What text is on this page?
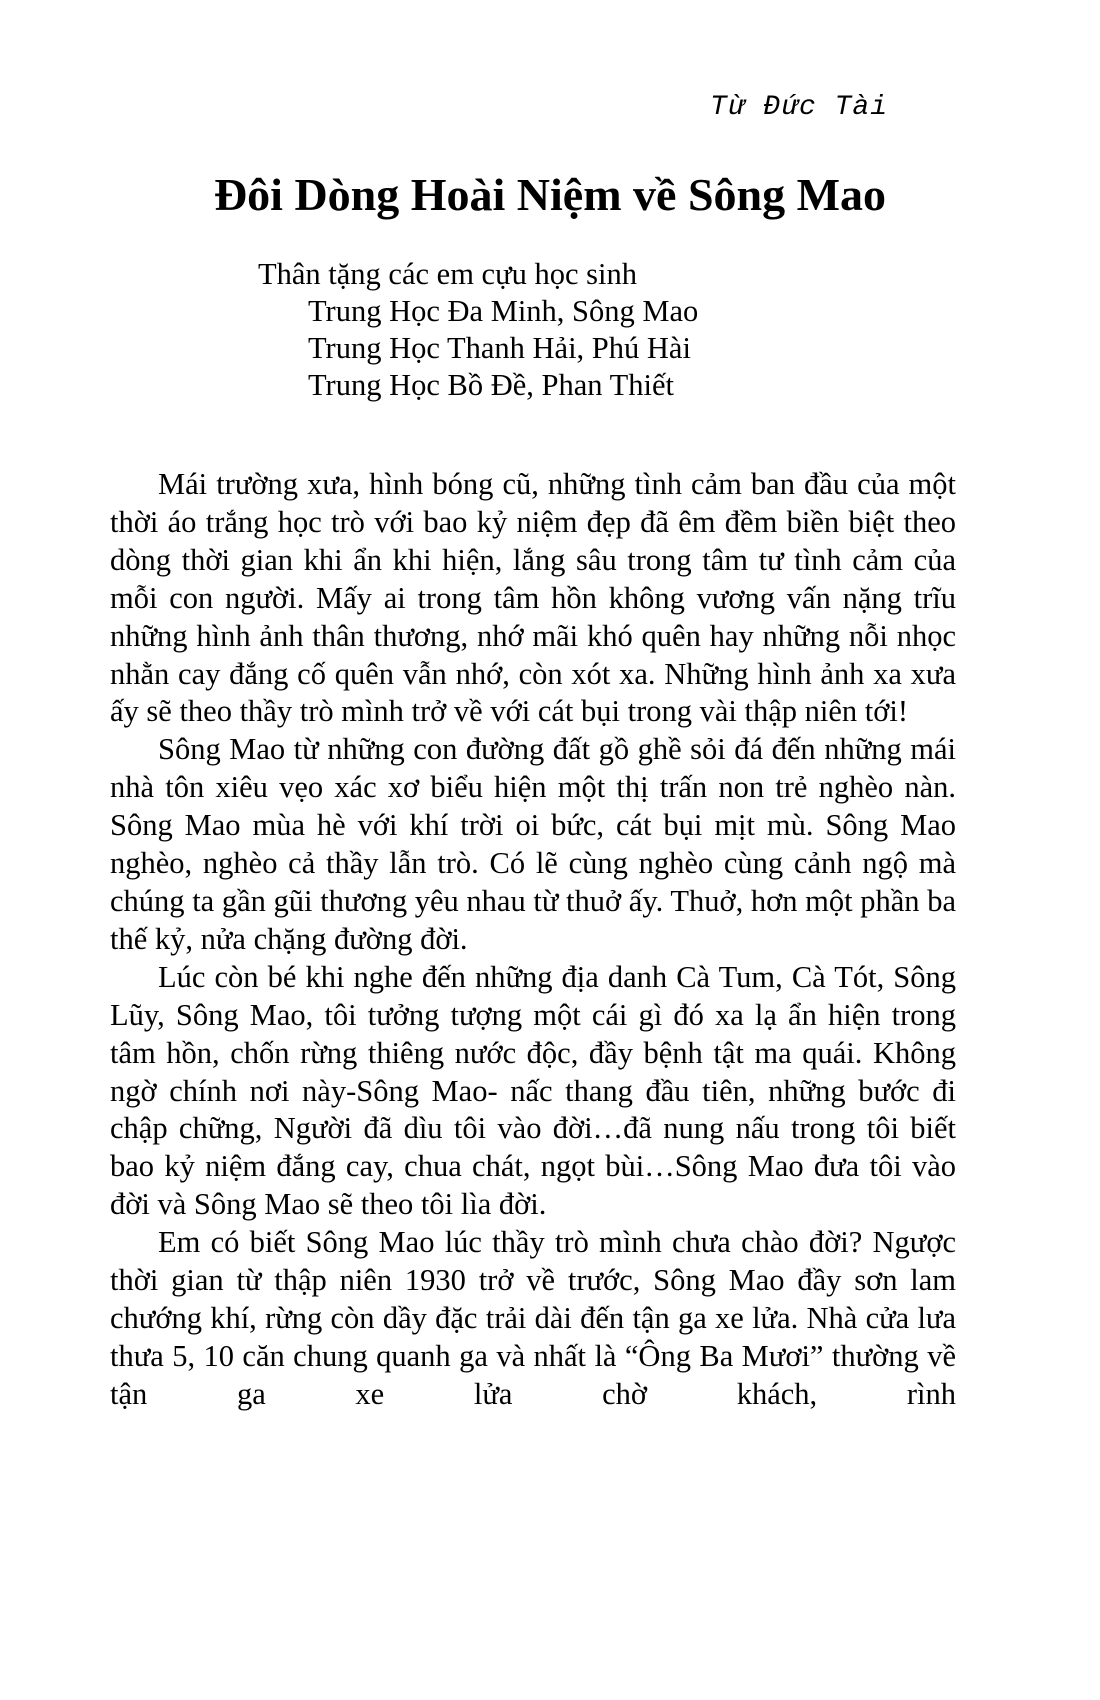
Từ Đức Tài
Đôi Dòng Hoài Niệm về Sông Mao
Thân tặng các em cựu học sinh
Trung Học Đa Minh, Sông Mao
Trung Học Thanh Hải, Phú Hài
Trung Học Bồ Đề, Phan Thiết

Mái trường xưa, hình bóng cũ, những tình cảm ban đầu của một thời áo trắng học trò với bao kỷ niệm đẹp đã êm đềm biền biệt theo dòng thời gian khi ẩn khi hiện, lắng sâu trong tâm tư tình cảm của mỗi con người. Mấy ai trong tâm hồn không vương vấn nặng trĩu những hình ảnh thân thương, nhớ mãi khó quên hay những nỗi nhọc nhằn cay đắng cố quên vẫn nhớ, còn xót xa. Những hình ảnh xa xưa ấy sẽ theo thầy trò mình trở về với cát bụi trong vài thập niên tới!

Sông Mao từ những con đường đất gồ ghề sỏi đá đến những mái nhà tôn xiêu vẹo xác xơ biểu hiện một thị trấn non trẻ nghèo nàn. Sông Mao mùa hè với khí trời oi bức, cát bụi mịt mù. Sông Mao nghèo, nghèo cả thầy lẫn trò. Có lẽ cùng nghèo cùng cảnh ngộ mà chúng ta gần gũi thương yêu nhau từ thuở ấy. Thuở, hơn một phần ba thế kỷ, nửa chặng đường đời.

Lúc còn bé khi nghe đến những địa danh Cà Tum, Cà Tót, Sông Lũy, Sông Mao, tôi tưởng tượng một cái gì đó xa lạ ẩn hiện trong tâm hồn, chốn rừng thiêng nước độc, đầy bệnh tật ma quái. Không ngờ chính nơi này-Sông Mao- nấc thang đầu tiên, những bước đi chập chững, Người đã dìu tôi vào đời…đã nung nấu trong tôi biết bao kỷ niệm đắng cay, chua chát, ngọt bùi…Sông Mao đưa tôi vào đời và Sông Mao sẽ theo tôi lìa đời.

Em có biết Sông Mao lúc thầy trò mình chưa chào đời? Ngược thời gian từ thập niên 1930 trở về trước, Sông Mao đầy sơn lam chướng khí, rừng còn dầy đặc trải dài đến tận ga xe lửa. Nhà cửa lưa thưa 5, 10 căn chung quanh ga và nhất là “Ông Ba Mươi” thường về tận ga xe lửa chờ khách, rình
